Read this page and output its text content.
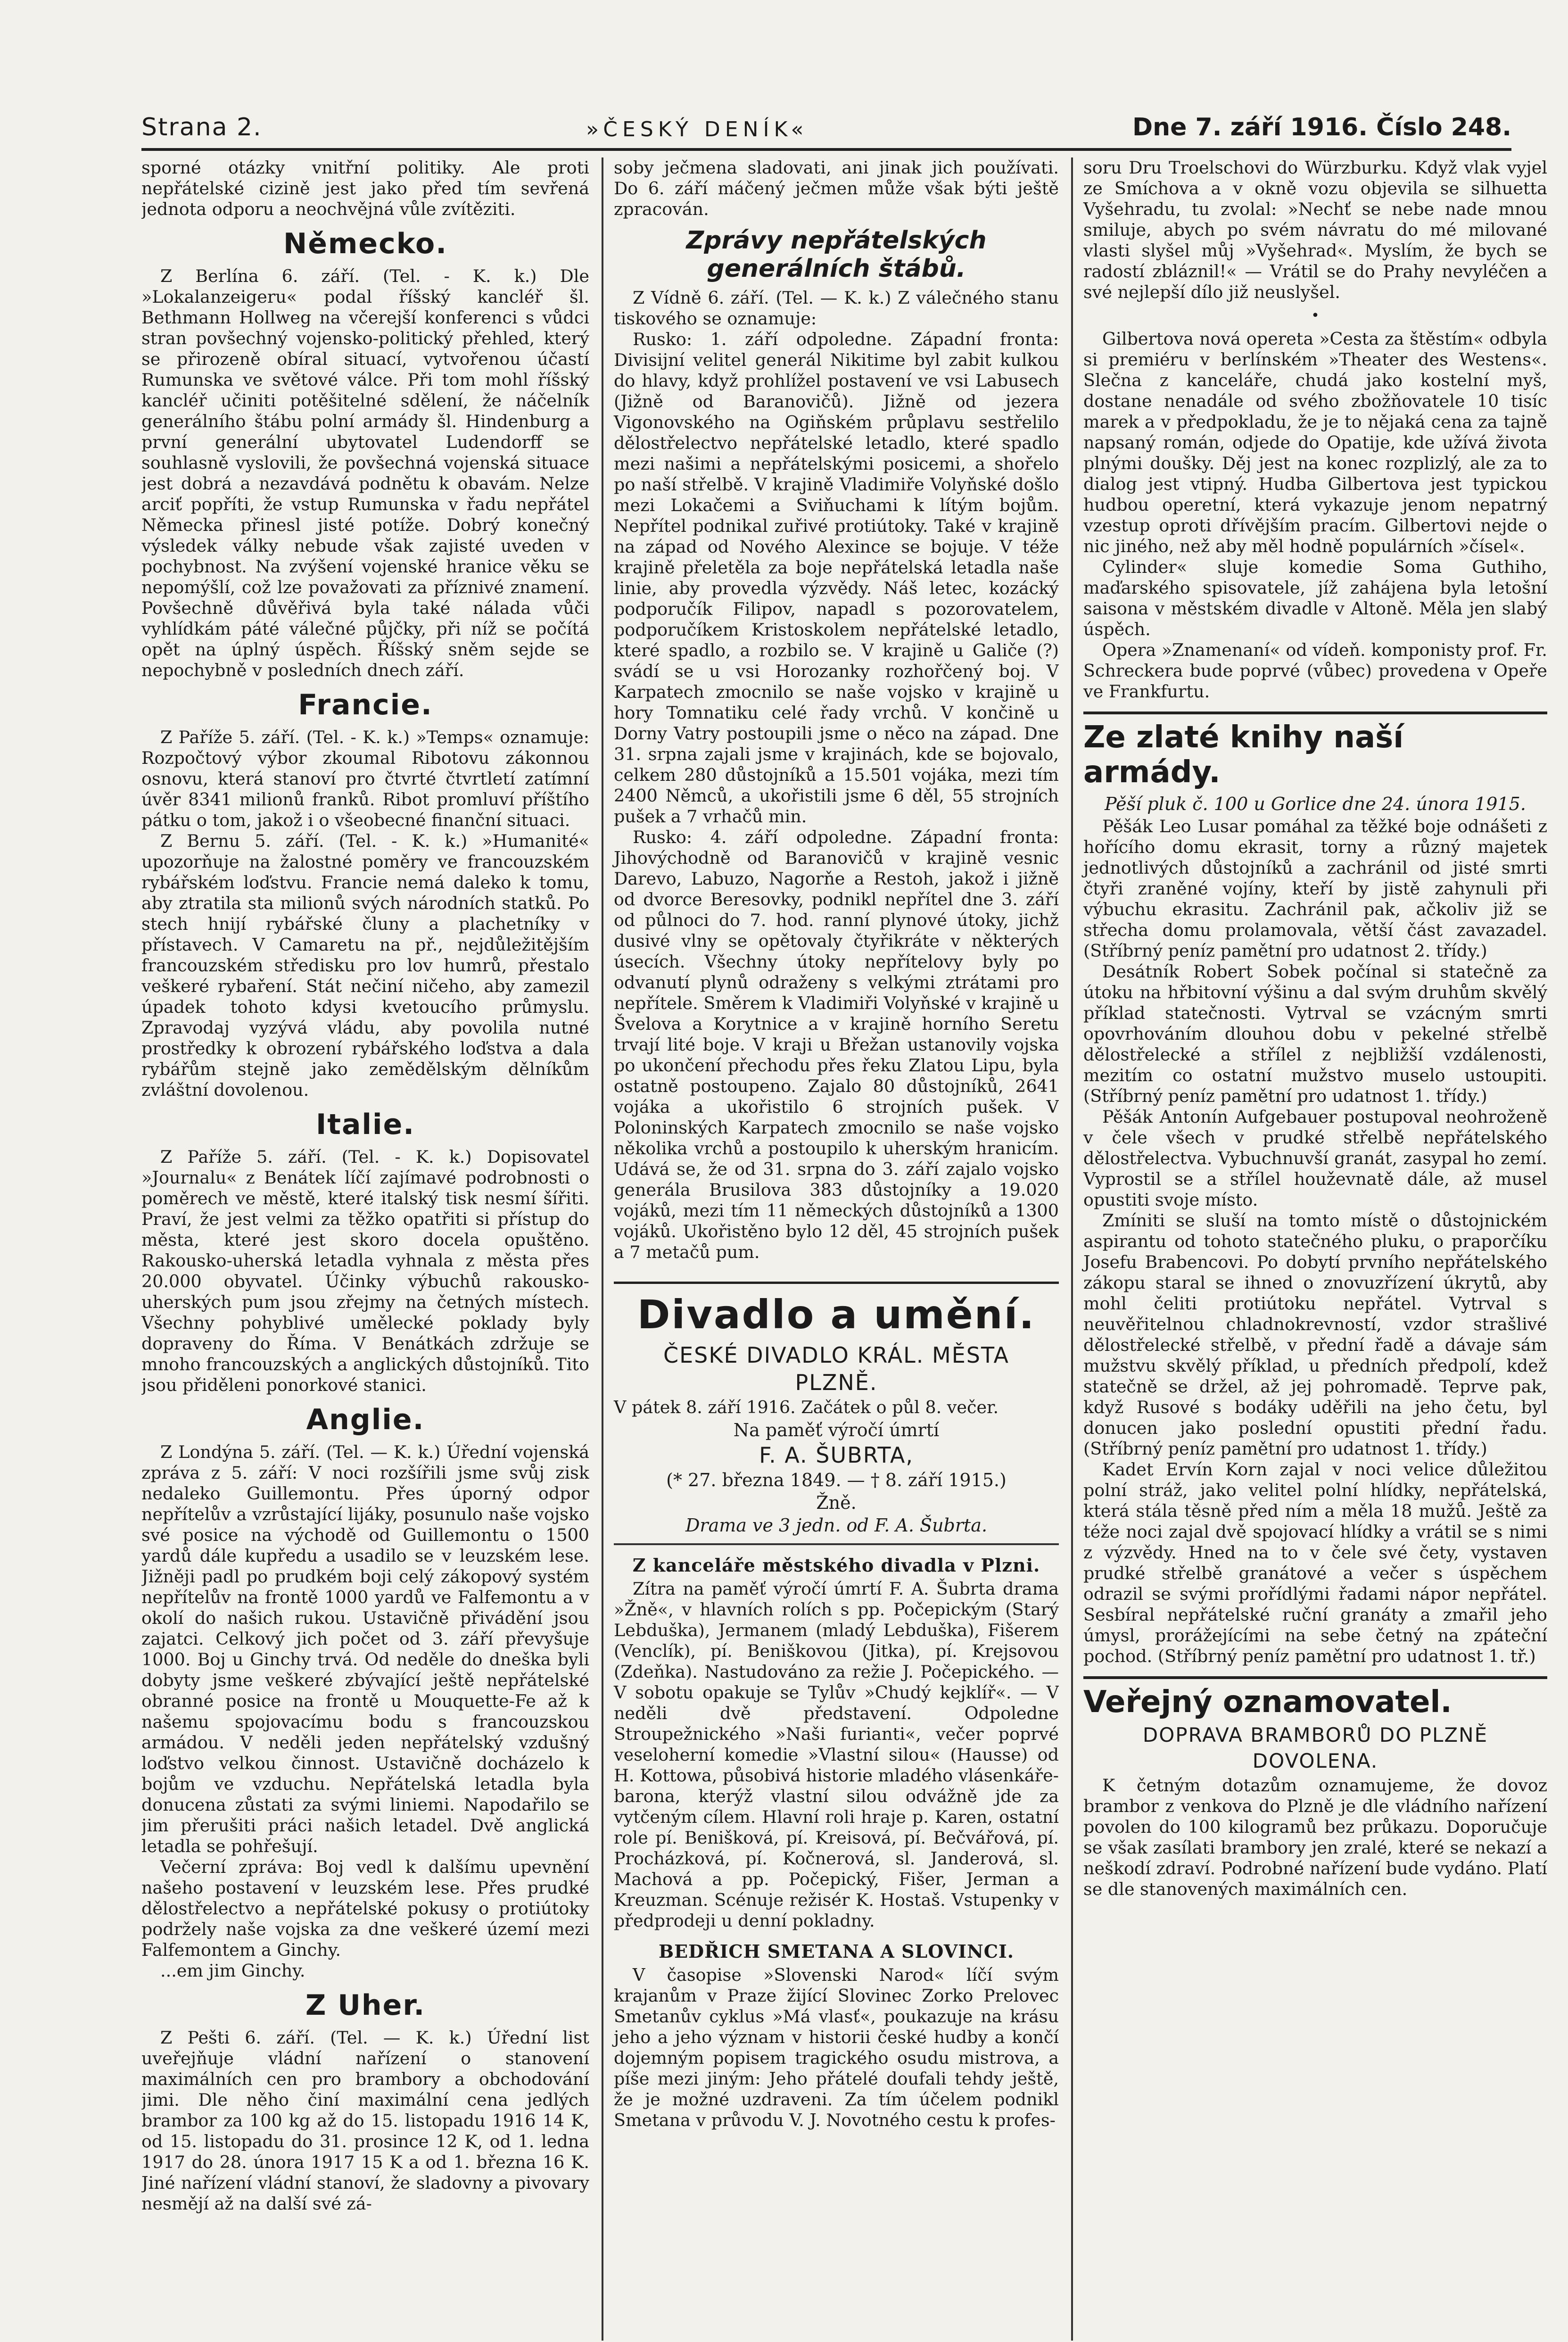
Strana 2.	»ČESKÝ DENÍK«	Dne 7. září 1916. Číslo 248.

sporné otázky vnitřní politiky. Ale proti nepřátelské cizině jest jako před tím sevřená jednota odporu a neochvějná vůle zvítěziti.

Německo.

Z Berlína 6. září. (Tel. - K. k.) Dle »Lokalanzeigeru« podal říšský kancléř šl. Bethmann Hollweg na včerejší konferenci s vůdci stran povšechný vojensko-politický přehled, který se přirozeně obíral situací, vytvořenou účastí Rumunska ve světové válce. Při tom mohl říšský kancléř učiniti potěšitelné sdělení, že náčelník generálního štábu polní armády šl. Hindenburg a první generální ubytovatel Ludendorff se souhlasně vyslovili, že povšechná vojenská situace jest dobrá a nezavdává podnětu k obavám. Nelze arciť popříti, že vstup Rumunska v řadu nepřátel Německa přinesl jisté potíže. Dobrý konečný výsledek války nebude však zajisté uveden v pochybnost. Na zvýšení vojenské hranice věku se nepomýšlí, což lze považovati za příznivé znamení. Povšechně důvěřivá byla také nálada vůči vyhlídkám páté válečné půjčky, při níž se počítá opět na úplný úspěch. Říšský sněm sejde se nepochybně v posledních dnech září.

Francie.

Z Paříže 5. září. (Tel. - K. k.) »Temps« oznamuje: Rozpočtový výbor zkoumal Ribotovu zákonnou osnovu, která stanoví pro čtvrté čtvrtletí zatímní úvěr 8341 milionů franků. Ribot promluví příštího pátku o tom, jakož i o všeobecné finanční situaci.

Z Bernu 5. září. (Tel. - K. k.) »Humanité« upozorňuje na žalostné poměry ve francouzském rybářském loďstvu. Francie nemá daleko k tomu, aby ztratila sta milionů svých národních statků. Po stech hnijí rybářské čluny a plachetníky v přístavech. V Camaretu na př., nejdůležitějším francouzském středisku pro lov humrů, přestalo veškeré rybaření. Stát nečiní ničeho, aby zamezil úpadek tohoto kdysi kvetoucího průmyslu. Zpravodaj vyzývá vládu, aby povolila nutné prostředky k obrození rybářského loďstva a dala rybářům stejně jako zemědělským dělníkům zvláštní dovolenou.

Italie.

Z Paříže 5. září. (Tel. - K. k.) Dopisovatel »Journalu« z Benátek líčí zajímavé podrobnosti o poměrech ve městě, které italský tisk nesmí šířiti. Praví, že jest velmi za těžko opatřiti si přístup do města, které jest skoro docela opuštěno. Rakousko-uherská letadla vyhnala z města přes 20.000 obyvatel. Účinky výbuchů rakousko-uherských pum jsou zřejmy na četných místech. Všechny pohyblivé umělecké poklady byly dopraveny do Říma. V Benátkách zdržuje se mnoho francouzských a anglických důstojníků. Tito jsou přiděleni ponorkové stanici.

Anglie.

Z Londýna 5. září. (Tel. — K. k.) Úřední vojenská zpráva z 5. září: V noci rozšířili jsme svůj zisk nedaleko Guillemontu. Přes úporný odpor nepřítelův a vzrůstající lijáky, posunulo naše vojsko své posice na východě od Guillemontu o 1500 yardů dále kupředu a usadilo se v leuzském lese. Jižněji padl po prudkém boji celý zákopový systém nepřítelův na frontě 1000 yardů ve Falfemontu a v okolí do našich rukou. Ustavičně přivádění jsou zajatci. Celkový jich počet od 3. září převyšuje 1000. Boj u Ginchy trvá. Od neděle do dneška byli dobyty jsme veškeré zbývající ještě nepřátelské obranné posice na frontě u Mouquette-Fe až k našemu spojovacímu bodu s francouzskou armádou. V neděli jeden nepřátelský vzdušný loďstvo velkou činnost. Ustavičně docházelo k bojům ve vzduchu. Nepřátelská letadla byla donucena zůstati za svými liniemi. Napodařilo se jim přerušiti práci našich letadel. Dvě anglická letadla se pohřešují.

Večerní zpráva: Boj vedl k dalšímu upevnění našeho postavení v leuzském lese. Přes prudké dělostřelectvo a nepřátelské pokusy o protiútoky podržely naše vojska za dne veškeré území mezi Falfemontem a Ginchy.

...em jim Ginchy.

Z Uher.

Z Pešti 6. září. (Tel. — K. k.) Úřední list uveřejňuje vládní nařízení o stanovení maximálních cen pro brambory a obchodování jimi. Dle něho činí maximální cena jedlých brambor za 100 kg až do 15. listopadu 1916 14 K, od 15. listopadu do 31. prosince 12 K, od 1. ledna 1917 do 28. února 1917 15 K a od 1. března 16 K. Jiné nařízení vládní stanoví, že sladovny a pivovary nesmějí až na další své zá-

soby ječmena sladovati, ani jinak jich používati. Do 6. září máčený ječmen může však býti ještě zpracován.

Zprávy nepřátelských generálních štábů.

Z Vídně 6. září. (Tel. — K. k.) Z válečného stanu tiskového se oznamuje:

Rusko: 1. září odpoledne. Západní fronta: Divisijní velitel generál Nikitime byl zabit kulkou do hlavy, když prohlížel postavení ve vsi Labusech (Jižně od Baranovičů). Jižně od jezera Vigonovského na Ogiňském průplavu sestřelilo dělostřelectvo nepřátelské letadlo, které spadlo mezi našimi a nepřátelskými posicemi, a shořelo po naší střelbě. V krajině Vladimiře Volyňské došlo mezi Lokačemi a Sviňuchami k lítým bojům. Nepřítel podnikal zuřivé protiútoky. Také v krajině na západ od Nového Alexince se bojuje. V téže krajině přeletěla za boje nepřátelská letadla naše linie, aby provedla výzvědy. Náš letec, kozácký podporučík Filipov, napadl s pozorovatelem, podporučíkem Kristoskolem nepřátelské letadlo, které spadlo, a rozbilo se. V krajině u Galiče (?) svádí se u vsi Horozanky rozhořčený boj. V Karpatech zmocnilo se naše vojsko v krajině u hory Tomnatiku celé řady vrchů. V končině u Dorny Vatry postoupili jsme o něco na západ. Dne 31. srpna zajali jsme v krajinách, kde se bojovalo, celkem 280 důstojníků a 15.501 vojáka, mezi tím 2400 Němců, a ukořistili jsme 6 děl, 55 strojních pušek a 7 vrhačů min.

Rusko: 4. září odpoledne. Západní fronta: Jihovýchodně od Baranovičů v krajině vesnic Darevo, Labuzo, Nagorňe a Restoh, jakož i jižně od dvorce Beresovky, podnikl nepřítel dne 3. září od půlnoci do 7. hod. ranní plynové útoky, jichž dusivé vlny se opětovaly čtyřikráte v některých úsecích. Všechny útoky nepřítelovy byly po odvanutí plynů odraženy s velkými ztrátami pro nepřítele. Směrem k Vladimiři Volyňské v krajině u Švelova a Korytnice a v krajině horního Seretu trvají lité boje. V kraji u Břežan ustanovily vojska po ukončení přechodu přes řeku Zlatou Lipu, byla ostatně postoupeno. Zajalo 80 důstojníků, 2641 vojáka a ukořistilo 6 strojních pušek. V Poloninských Karpatech zmocnilo se naše vojsko několika vrchů a postoupilo k uherským hranicím. Udává se, že od 31. srpna do 3. září zajalo vojsko generála Brusilova 383 důstojníky a 19.020 vojáků, mezi tím 11 německých důstojníků a 1300 vojáků. Ukořistěno bylo 12 děl, 45 strojních pušek a 7 metačů pum.

Divadlo a umění.
ČESKÉ DIVADLO KRÁL. MĚSTA
PLZNĚ.

V pátek 8. září 1916. Začátek o půl 8. večer.

Na paměť výročí úmrtí
F. A. ŠUBRTA,
(* 27. března 1849. — † 8. září 1915.)
Žně.
Drama ve 3 jedn. od F. A. Šubrta.
Z kanceláře městského divadla v Plzni.

Zítra na paměť výročí úmrtí F. A. Šubrta drama »Žně«, v hlavních rolích s pp. Počepickým (Starý Lebduška), Jermanem (mladý Lebduška), Fišerem (Venclík), pí. Beniškovou (Jitka), pí. Krejsovou (Zdeňka). Nastudováno za režie J. Počepického. — V sobotu opakuje se Tylův »Chudý kejklíř«. — V neděli dvě představení. Odpoledne Stroupežnického »Naši furianti«, večer poprvé veseloherní komedie »Vlastní silou« (Hausse) od H. Kottowa, působivá historie mladého vlásenkáře-barona, kterýž vlastní silou odvážně jde za vytčeným cílem. Hlavní roli hraje p. Karen, ostatní role pí. Benišková, pí. Kreisová, pí. Bečvářová, pí. Procházková, pí. Kočnerová, sl. Janderová, sl. Machová a pp. Počepický, Fišer, Jerman a Kreuzman. Scénuje režisér K. Hostaš. Vstupenky v předprodeji u denní pokladny.

BEDŘICH SMETANA A SLOVINCI.

V časopise »Slovenski Narod« líčí svým krajanům v Praze žijící Slovinec Zorko Prelovec Smetanův cyklus »Má vlasť«, poukazuje na krásu jeho a jeho význam v historii české hudby a končí dojemným popisem tragického osudu mistrova, a píše mezi jiným: Jeho přátelé doufali tehdy ještě, že je možné uzdraveni. Za tím účelem podnikl Smetana v průvodu V. J. Novotného cestu k profes-

soru Dru Troelschovi do Würzburku. Když vlak vyjel ze Smíchova a v okně vozu objevila se silhuetta Vyšehradu, tu zvolal: »Nechť se nebe nade mnou smiluje, abych po svém návratu do mé milované vlasti slyšel můj »Vyšehrad«. Myslím, že bych se radostí zbláznil!« — Vrátil se do Prahy nevyléčen a své nejlepší dílo již neuslyšel.

•

Gilbertova nová opereta »Cesta za štěstím« odbyla si premiéru v berlínském »Theater des Westens«. Slečna z kanceláře, chudá jako kostelní myš, dostane nenadále od svého zbožňovatele 10 tisíc marek a v předpokladu, že je to nějaká cena za tajně napsaný román, odjede do Opatije, kde užívá života plnými doušky. Děj jest na konec rozplizlý, ale za to dialog jest vtipný. Hudba Gilbertova jest typickou hudbou operetní, která vykazuje jenom nepatrný vzestup oproti dřívějším pracím. Gilbertovi nejde o nic jiného, než aby měl hodně populárních »čísel«.

Cylinder« sluje komedie Soma Guthiho, maďarského spisovatele, jíž zahájena byla letošní saisona v městském divadle v Altoně. Měla jen slabý úspěch.

Opera »Znamenaní« od vídeň. komponisty prof. Fr. Schreckera bude poprvé (vůbec) provedena v Opeře ve Frankfurtu.

Ze zlaté knihy naší armády.
Pěší pluk č. 100 u Gorlice dne 24. února 1915.

Pěšák Leo Lusar pomáhal za těžké boje odnášeti z hořícího domu ekrasit, torny a různý majetek jednotlivých důstojníků a zachránil od jisté smrti čtyři zraněné vojíny, kteří by jistě zahynuli při výbuchu ekrasitu. Zachránil pak, ačkoliv již se střecha domu prolamovala, větší část zavazadel. (Stříbrný peníz pamětní pro udatnost 2. třídy.)

Desátník Robert Sobek počínal si statečně za útoku na hřbitovní výšinu a dal svým druhům skvělý příklad statečnosti. Vytrval se vzácným smrti opovrhováním dlouhou dobu v pekelné střelbě dělostřelecké a střílel z nejbližší vzdálenosti, mezitím co ostatní mužstvo muselo ustoupiti. (Stříbrný peníz pamětní pro udatnost 1. třídy.)

Pěšák Antonín Aufgebauer postupoval neohroženě v čele všech v prudké střelbě nepřátelského dělostřelectva. Vybuchnuvší granát, zasypal ho zemí. Vyprostil se a střílel houževnatě dále, až musel opustiti svoje místo.

Zmíniti se sluší na tomto místě o důstojnickém aspirantu od tohoto statečného pluku, o praporčíku Josefu Brabencovi. Po dobytí prvního nepřátelského zákopu staral se ihned o znovuzřízení úkrytů, aby mohl čeliti protiútoku nepřátel. Vytrval s neuvěřitelnou chladnokrevností, vzdor strašlivé dělostřelecké střelbě, v přední řadě a dávaje sám mužstvu skvělý příklad, u předních předpolí, kdež statečně se držel, až jej pohromadě. Teprve pak, když Rusové s bodáky uděřili na jeho četu, byl donucen jako poslední opustiti přední řadu. (Stříbrný peníz pamětní pro udatnost 1. třídy.)

Kadet Ervín Korn zajal v noci velice důležitou polní stráž, jako velitel polní hlídky, nepřátelská, která stála těsně před ním a měla 18 mužů. Ještě za téže noci zajal dvě spojovací hlídky a vrátil se s nimi z výzvědy. Hned na to v čele své čety, vystaven prudké střelbě granátové a večer s úspěchem odrazil se svými prořídlými řadami nápor nepřátel. Sesbíral nepřátelské ruční granáty a zmařil jeho úmysl, prorážejícími na sebe četný na zpáteční pochod. (Stříbrný peníz pamětní pro udatnost 1. tř.)

Veřejný oznamovatel.
DOPRAVA BRAMBORŮ DO PLZNĚ
DOVOLENA.

K četným dotazům oznamujeme, že dovoz brambor z venkova do Plzně je dle vládního nařízení povolen do 100 kilogramů bez průkazu. Doporučuje se však zasílati brambory jen zralé, které se nekazí a neškodí zdraví. Podrobné nařízení bude vydáno. Platí se dle stanovených maximálních cen.
